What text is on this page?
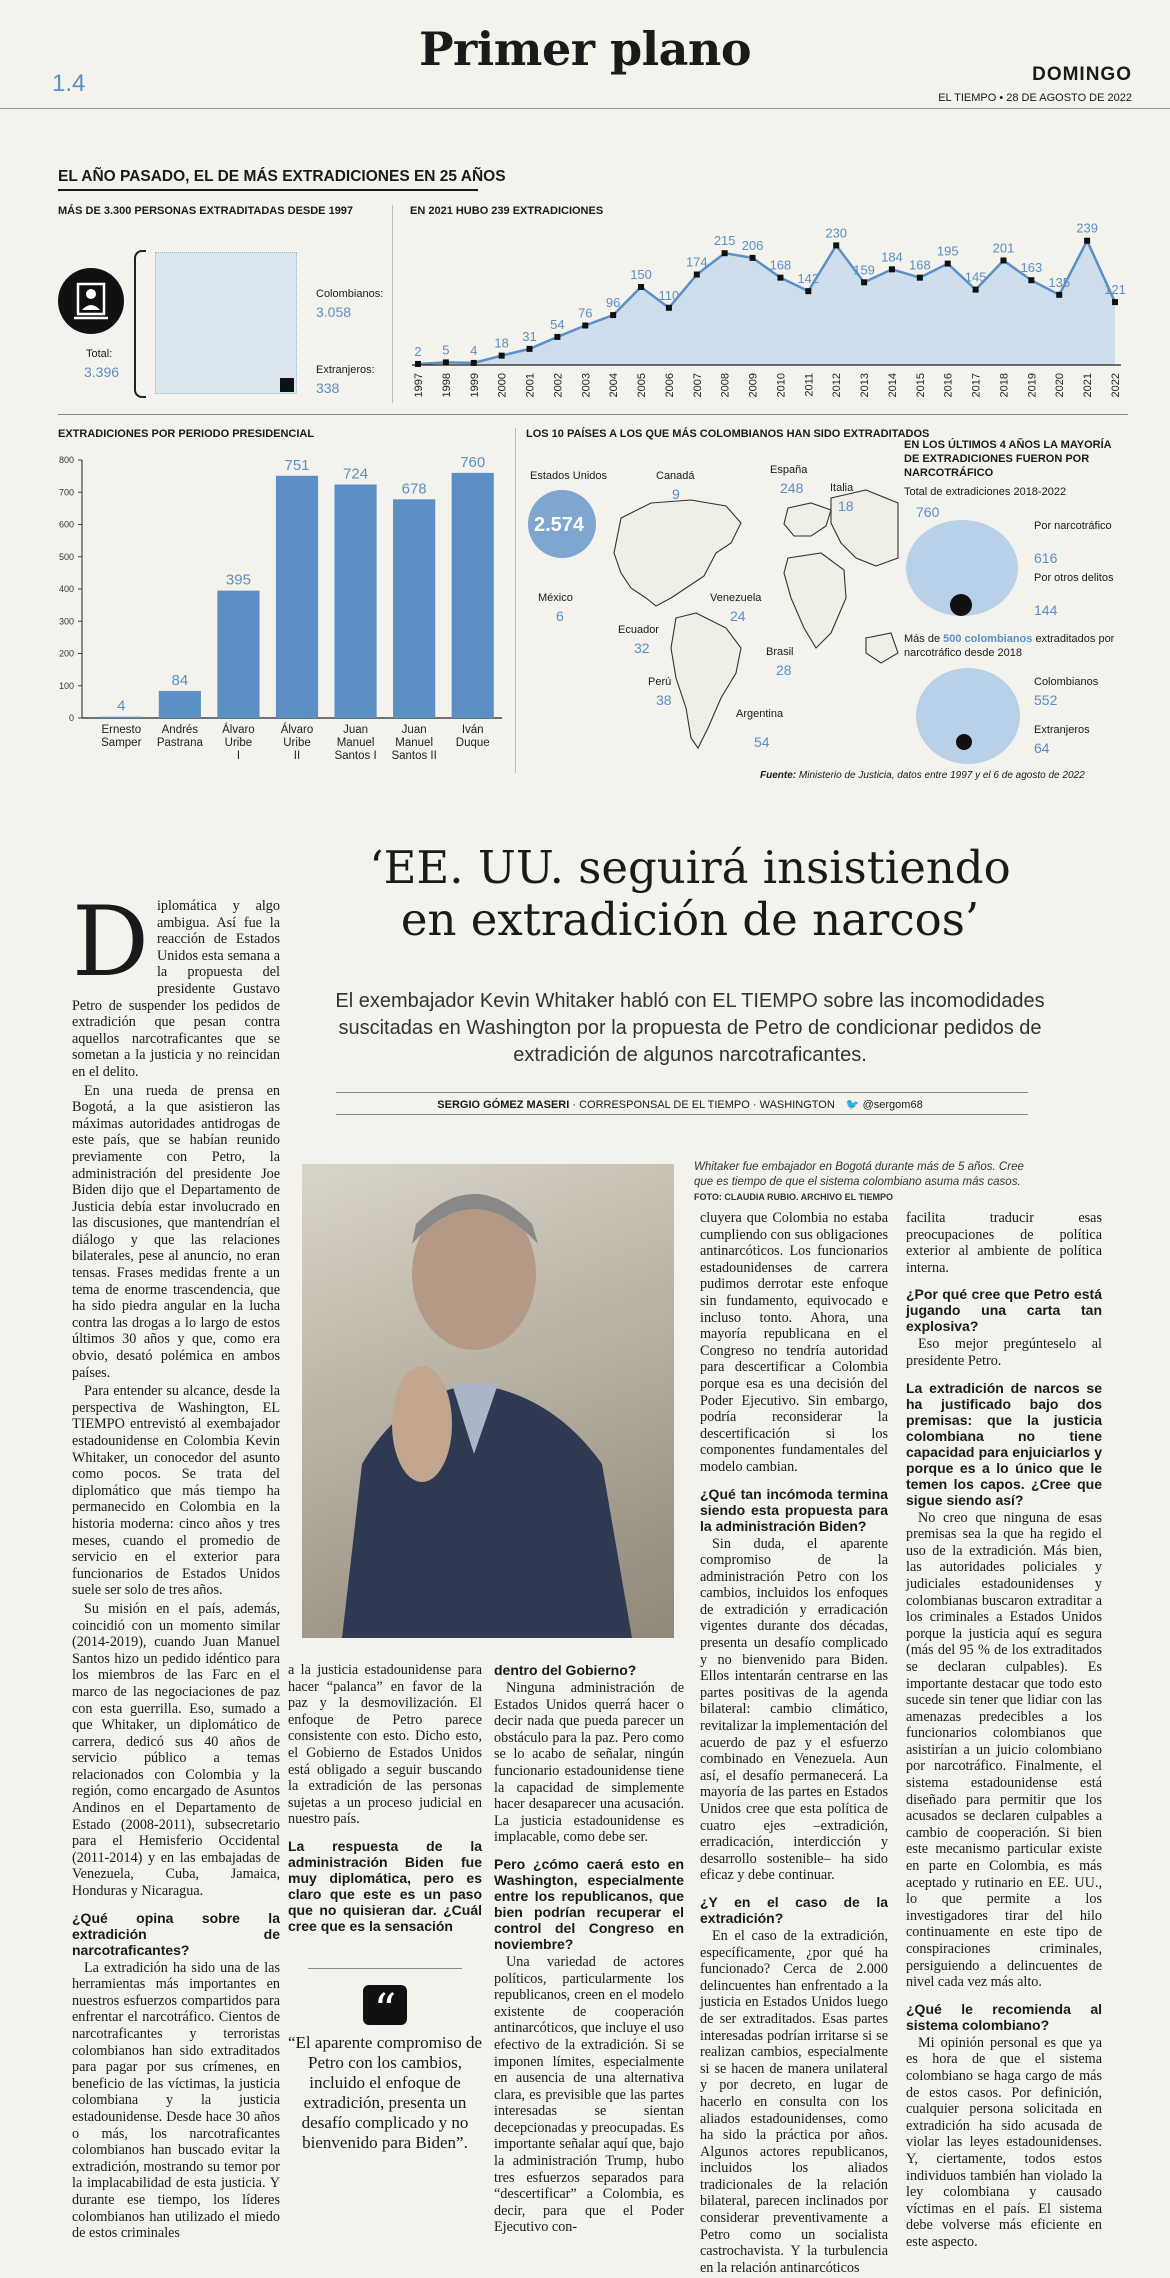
Primer plano
1.4	DOMINGO
EL TIEMPO • 28 DE AGOSTO DE 2022
EL AÑO PASADO, EL DE MÁS EXTRADICIONES EN 25 AÑOS
MÁS DE 3.300 PERSONAS EXTRADITADAS DESDE 1997
Total:
3.396
Colombianos:
3.058
Extranjeros:
338
EN 2021 HUBO 239 EXTRADICIONES
2
1997
5
1998
4
1999
18
2000
31
2001
54
2002
76
2003
96
2004
150
2005
110
2006
174
2007
215
2008
206
2009
168
2010
142
2011
230
2012
159
2013
184
2014
168
2015
195
2016
145
2017
201
2018
163
2019
135
2020
239
2021
121
2022
EXTRADICIONES POR PERIODO PRESIDENCIAL
0
100
200
300
400
500
600
700
800
4
Ernesto
Samper
84
Andrés
Pastrana
395
Álvaro
Uribe
I
751
Álvaro
Uribe
II
724
Juan
Manuel
Santos I
678
Juan
Manuel
Santos II
760
Iván
Duque
LOS 10 PAÍSES A LOS QUE MÁS COLOMBIANOS HAN SIDO EXTRADITADOS
Estados Unidos
2.574
Canadá
9
España
248 Italia
18
México
6
Venezuela
24
Ecuador
32	Brasil
28
Perú
38
Argentina
54
EN LOS ÚLTIMOS 4 AÑOS LA MAYORÍA DE EXTRADICIONES FUERON POR NARCOTRÁFICO
Total de extradiciones 2018-2022
760
Por narcotráfico
616
Por otros delitos
144
Más de 500 colombianos extraditados por narcotráfico desde 2018
Colombianos
552
Extranjeros
64
Fuente: Ministerio de Justicia, datos entre 1997 y el 6 de agosto de 2022
‘EE. UU. seguirá insistiendo
en extradición de narcos’
El exembajador Kevin Whitaker habló con EL TIEMPO sobre las incomodidades suscitadas en Washington por la propuesta de Petro de condicionar pedidos de extradición de algunos narcotraficantes.
SERGIO GÓMEZ MASERI · CORRESPONSAL DE EL TIEMPO · WASHINGTON 🐦 @sergom68
Whitaker fue embajador en Bogotá durante más de 5 años. Cree que es tiempo de que el sistema colombiano asuma más casos. FOTO: CLAUDIA RUBIO. ARCHIVO EL TIEMPO
D iplomática y algo ambigua. Así fue la reacción de Estados Unidos esta semana a la propuesta del presidente Gustavo Petro de suspender los pedidos de extradición que pesan contra aquellos narcotraficantes que se sometan a la justicia y no reincidan en el delito.

En una rueda de prensa en Bogotá, a la que asistieron las máximas autoridades antidrogas de este país, que se habían reunido previamente con Petro, la administración del presidente Joe Biden dijo que el Departamento de Justicia debía estar involucrado en las discusiones, que mantendrían el diálogo y que las relaciones bilaterales, pese al anuncio, no eran tensas. Frases medidas frente a un tema de enorme trascendencia, que ha sido piedra angular en la lucha contra las drogas a lo largo de estos últimos 30 años y que, como era obvio, desató polémica en ambos países.

Para entender su alcance, desde la perspectiva de Washington, EL TIEMPO entrevistó al exembajador estadounidense en Colombia Kevin Whitaker, un conocedor del asunto como pocos. Se trata del diplomático que más tiempo ha permanecido en Colombia en la historia moderna: cinco años y tres meses, cuando el promedio de servicio en el exterior para funcionarios de Estados Unidos suele ser solo de tres años.

Su misión en el país, además, coincidió con un momento similar (2014-2019), cuando Juan Manuel Santos hizo un pedido idéntico para los miembros de las Farc en el marco de las negociaciones de paz con esta guerrilla. Eso, sumado a que Whitaker, un diplomático de carrera, dedicó sus 40 años de servicio público a temas relacionados con Colombia y la región, como encargado de Asuntos Andinos en el Departamento de Estado (2008-2011), subsecretario para el Hemisferio Occidental (2011-2014) y en las embajadas de Venezuela, Cuba, Jamaica, Honduras y Nicaragua.

¿Qué opina sobre la extradición de narcotraficantes?

La extradición ha sido una de las herramientas más importantes en nuestros esfuerzos compartidos para enfrentar el narcotráfico. Cientos de narcotraficantes y terroristas colombianos han sido extraditados para pagar por sus crímenes, en beneficio de las víctimas, la justicia colombiana y la justicia estadounidense. Desde hace 30 años o más, los narcotraficantes colombianos han buscado evitar la extradición, mostrando su temor por la implacabilidad de esta justicia. Y durante ese tiempo, los líderes colombianos han utilizado el miedo de estos criminales

a la justicia estadounidense para hacer “palanca” en favor de la paz y la desmovilización. El enfoque de Petro parece consistente con esto. Dicho esto, el Gobierno de Estados Unidos está obligado a seguir buscando la extradición de las personas sujetas a un proceso judicial en nuestro país.

La respuesta de la administración Biden fue muy diplomática, pero es claro que este es un paso que no quisieran dar. ¿Cuál cree que es la sensación
“
“El aparente compromiso de Petro con los cambios, incluido el enfoque de extradición, presenta un desafío complicado y no bienvenido para Biden”.
dentro del Gobierno?

Ninguna administración de Estados Unidos querrá hacer o decir nada que pueda parecer un obstáculo para la paz. Pero como se lo acabo de señalar, ningún funcionario estadounidense tiene la capacidad de simplemente hacer desaparecer una acusación. La justicia estadounidense es implacable, como debe ser.

Pero ¿cómo caerá esto en Washington, especialmente entre los republicanos, que bien podrían recuperar el control del Congreso en noviembre?

Una variedad de actores políticos, particularmente los republicanos, creen en el modelo existente de cooperación antinarcóticos, que incluye el uso efectivo de la extradición. Si se imponen límites, especialmente en ausencia de una alternativa clara, es previsible que las partes interesadas se sientan decepcionadas y preocupadas. Es importante señalar aquí que, bajo la administración Trump, hubo tres esfuerzos separados para “descertificar” a Colombia, es decir, para que el Poder Ejecutivo con-

cluyera que Colombia no estaba cumpliendo con sus obligaciones antinarcóticos. Los funcionarios estadounidenses de carrera pudimos derrotar este enfoque sin fundamento, equivocado e incluso tonto. Ahora, una mayoría republicana en el Congreso no tendría autoridad para descertificar a Colombia porque esa es una decisión del Poder Ejecutivo. Sin embargo, podría reconsiderar la descertificación si los componentes fundamentales del modelo cambian.

¿Qué tan incómoda termina siendo esta propuesta para la administración Biden?

Sin duda, el aparente compromiso de la administración Petro con los cambios, incluidos los enfoques de extradición y erradicación vigentes durante dos décadas, presenta un desafío complicado y no bienvenido para Biden. Ellos intentarán centrarse en las partes positivas de la agenda bilateral: cambio climático, revitalizar la implementación del acuerdo de paz y el esfuerzo combinado en Venezuela. Aun así, el desafío permanecerá. La mayoría de las partes en Estados Unidos cree que esta política de cuatro ejes –extradición, erradicación, interdicción y desarrollo sostenible– ha sido eficaz y debe continuar.

¿Y en el caso de la extradición?

En el caso de la extradición, específicamente, ¿por qué ha funcionado? Cerca de 2.000 delincuentes han enfrentado a la justicia en Estados Unidos luego de ser extraditados. Esas partes interesadas podrían irritarse si se realizan cambios, especialmente si se hacen de manera unilateral y por decreto, en lugar de hacerlo en consulta con los aliados estadounidenses, como ha sido la práctica por años. Algunos actores republicanos, incluidos los aliados tradicionales de la relación bilateral, parecen inclinados por considerar preventivamente a Petro como un socialista castrochavista. Y la turbulencia en la relación antinarcóticos

facilita traducir esas preocupaciones de política exterior al ambiente de política interna.

¿Por qué cree que Petro está jugando una carta tan explosiva?

Eso mejor pregúnteselo al presidente Petro.

La extradición de narcos se ha justificado bajo dos premisas: que la justicia colombiana no tiene capacidad para enjuiciarlos y porque es a lo único que le temen los capos. ¿Cree que sigue siendo así?

No creo que ninguna de esas premisas sea la que ha regido el uso de la extradición. Más bien, las autoridades policiales y judiciales estadounidenses y colombianas buscaron extraditar a los criminales a Estados Unidos porque la justicia aquí es segura (más del 95 % de los extraditados se declaran culpables). Es importante destacar que todo esto sucede sin tener que lidiar con las amenazas predecibles a los funcionarios colombianos que asistirían a un juicio colombiano por narcotráfico. Finalmente, el sistema estadounidense está diseñado para permitir que los acusados se declaren culpables a cambio de cooperación. Si bien este mecanismo particular existe en parte en Colombia, es más aceptado y rutinario en EE. UU., lo que permite a los investigadores tirar del hilo continuamente en este tipo de conspiraciones criminales, persiguiendo a delincuentes de nivel cada vez más alto.

¿Qué le recomienda al sistema colombiano?

Mi opinión personal es que ya es hora de que el sistema colombiano se haga cargo de más de estos casos. Por definición, cualquier persona solicitada en extradición ha sido acusada de violar las leyes estadounidenses. Y, ciertamente, todos estos individuos también han violado la ley colombiana y causado víctimas en el país. El sistema debe volverse más eficiente en este aspecto.
